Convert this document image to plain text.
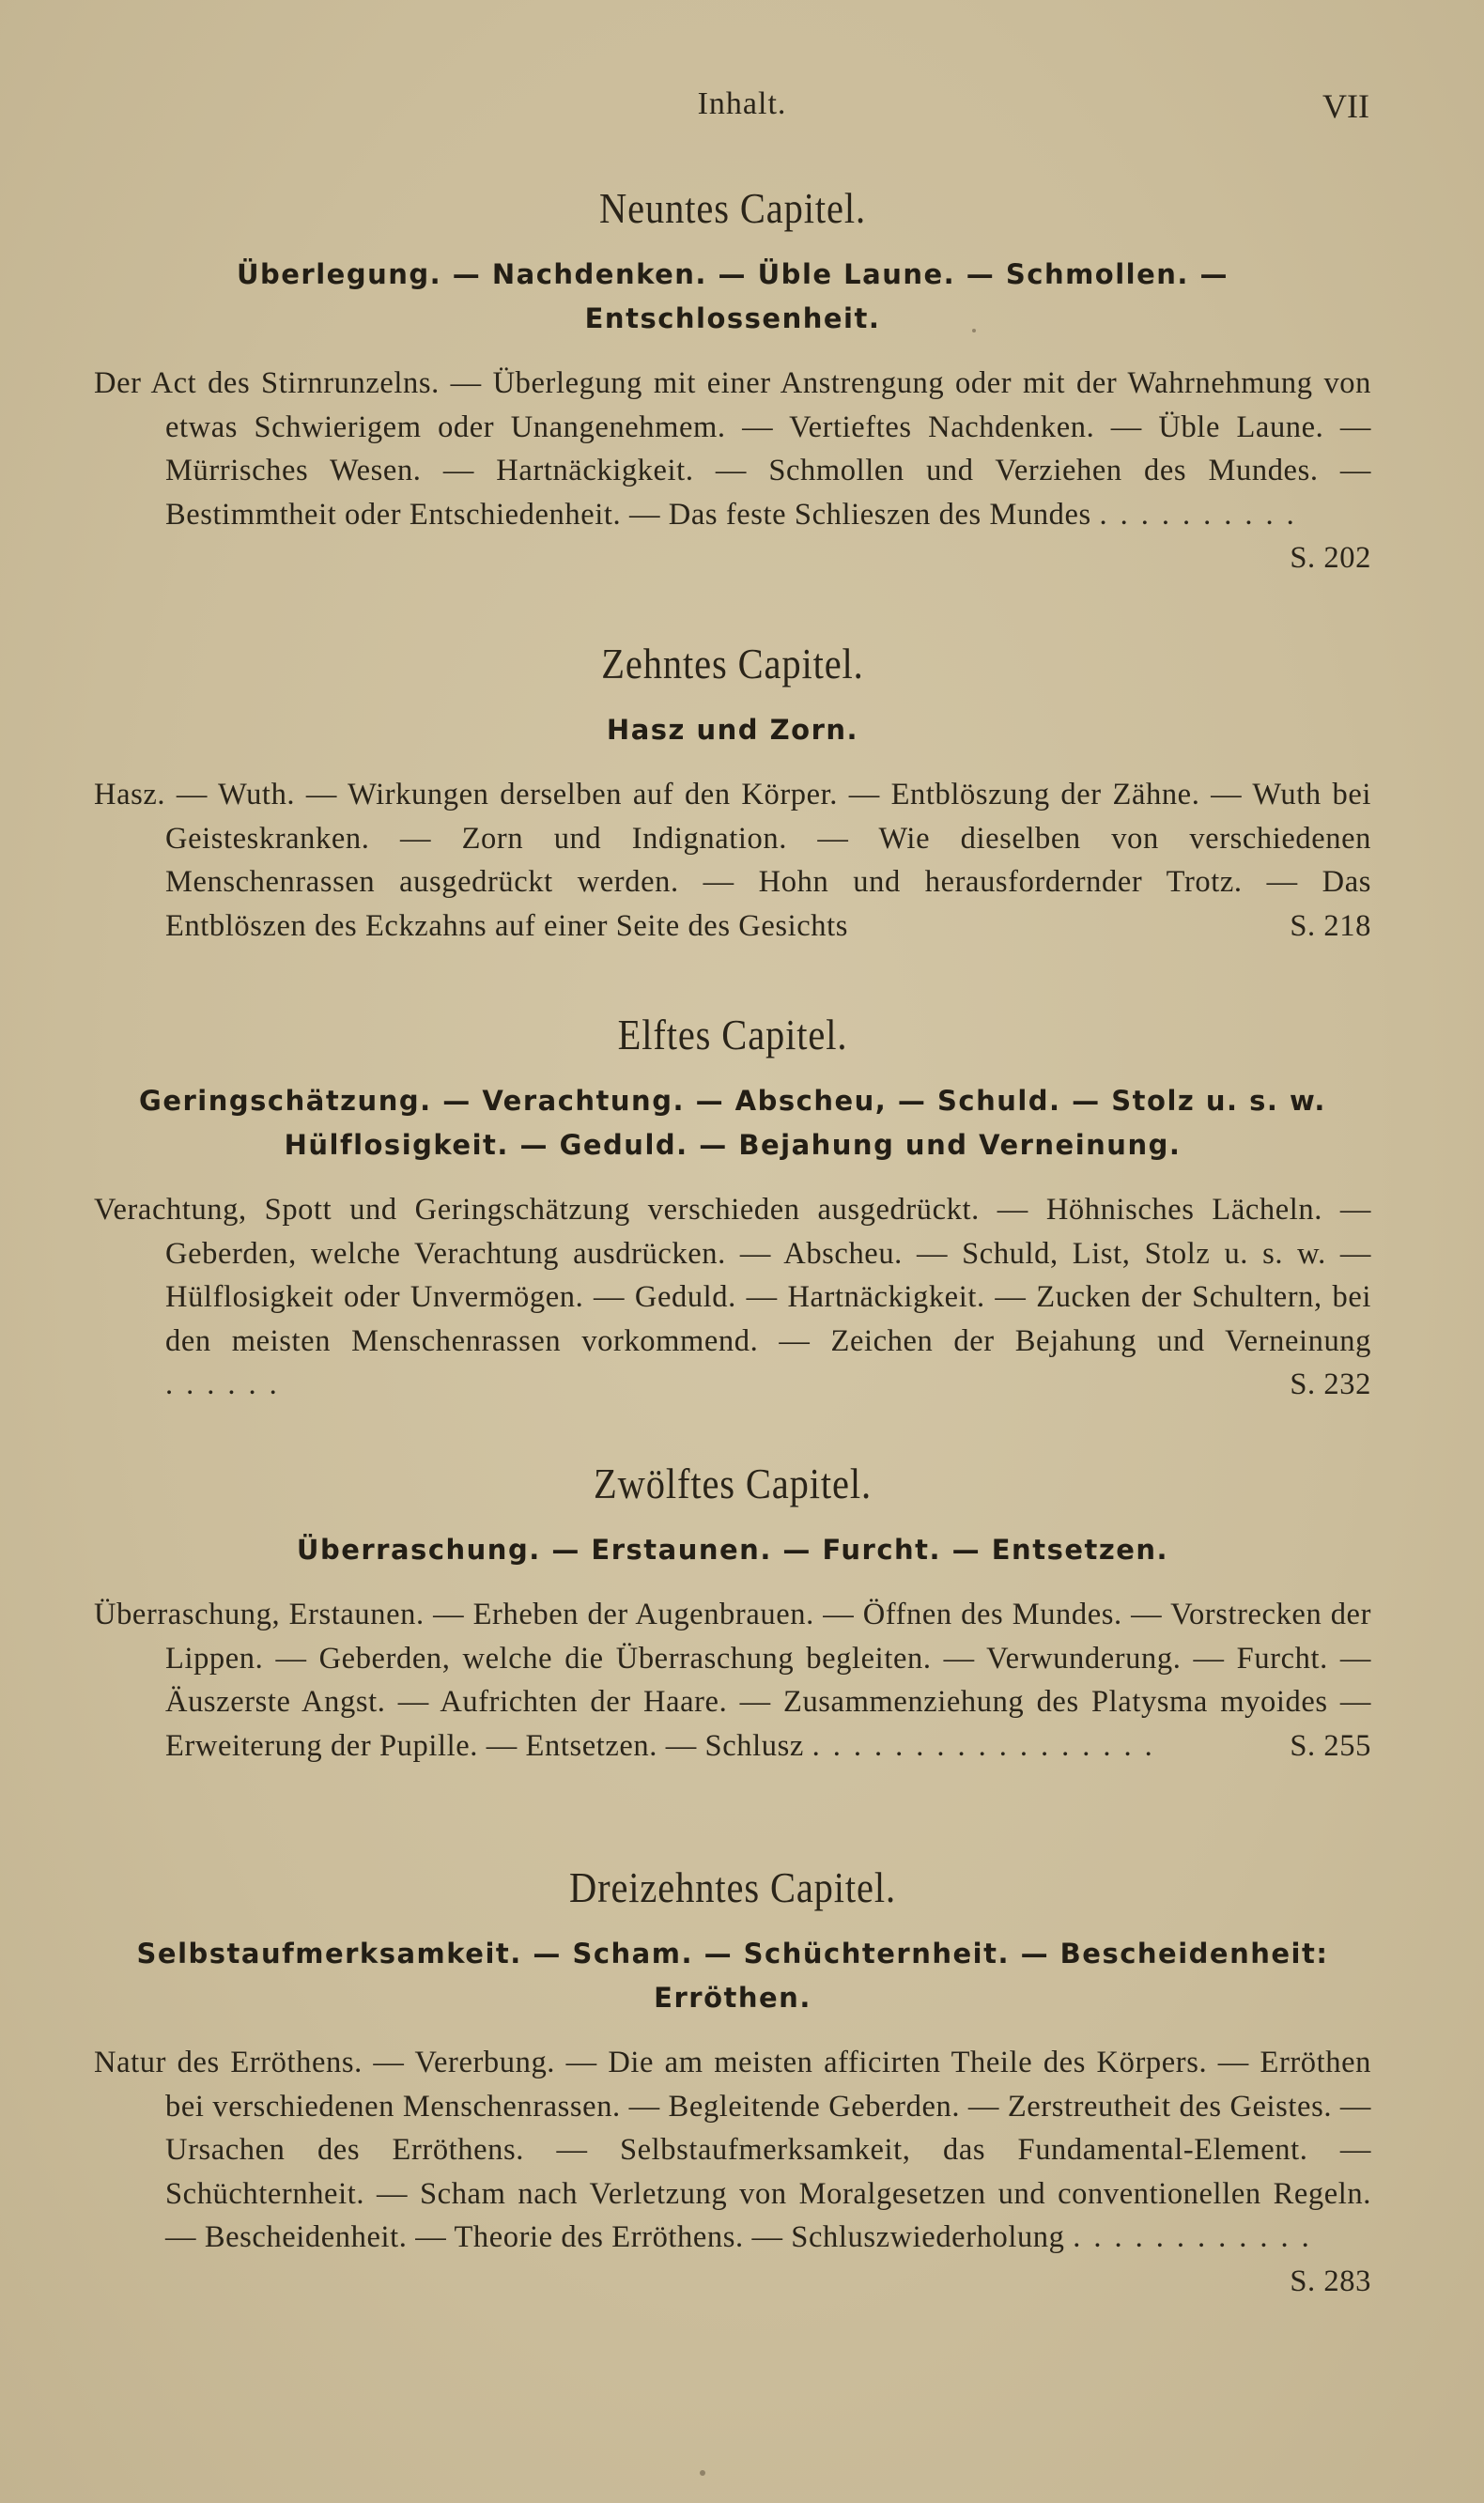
Inhalt.	VII
Neuntes Capitel.
Überlegung. — Nachdenken. — Üble Laune. — Schmollen. — Entschlossenheit.

Der Act des Stirnrunzelns. — Überlegung mit einer Anstrengung oder mit der Wahrnehmung von etwas Schwierigem oder Unangenehmem. — Vertieftes Nachdenken. — Üble Laune. — Mürrisches Wesen. — Hartnäckigkeit. — Schmollen und Verziehen des Mundes. — Bestimmtheit oder Entschiedenheit. — Das feste Schlieszen des Mundes ..........
S. 202

Zehntes Capitel.
Hasz und Zorn.

Hasz. — Wuth. — Wirkungen derselben auf den Körper. — Entblöszung der Zähne. — Wuth bei Geisteskranken. — Zorn und Indignation. — Wie dieselben von verschiedenen Menschenrassen ausgedrückt werden. — Hohn und herausfordernder Trotz. — Das Entblöszen des Eckzahns auf einer Seite des Gesichts	S. 218

Elftes Capitel.
Geringschätzung. — Verachtung. — Abscheu, — Schuld. — Stolz u. s. w. Hülflosigkeit. — Geduld. — Bejahung und Verneinung.

Verachtung, Spott und Geringschätzung verschieden ausgedrückt. — Höhnisches Lächeln. — Geberden, welche Verachtung ausdrücken. — Abscheu. — Schuld, List, Stolz u. s. w. — Hülflosigkeit oder Unvermögen. — Geduld. — Hartnäckigkeit. — Zucken der Schultern, bei den meisten Menschenrassen vorkommend. — Zeichen der Bejahung und Verneinung ......	S. 232

Zwölftes Capitel.
Überraschung. — Erstaunen. — Furcht. — Entsetzen.

Überraschung, Erstaunen. — Erheben der Augenbrauen. — Öffnen des Mundes. — Vorstrecken der Lippen. — Geberden, welche die Überraschung begleiten. — Verwunderung. — Furcht. — Äuszerste Angst. — Aufrichten der Haare. — Zusammenziehung des Platysma myoides — Erweiterung der Pupille. — Entsetzen. — Schlusz .................	S. 255

Dreizehntes Capitel.
Selbstaufmerksamkeit. — Scham. — Schüchternheit. — Bescheidenheit: Erröthen.

Natur des Erröthens. — Vererbung. — Die am meisten afficirten Theile des Körpers. — Erröthen bei verschiedenen Menschenrassen. — Begleitende Geberden. — Zerstreutheit des Geistes. — Ursachen des Erröthens. — Selbstaufmerksamkeit, das Fundamental-Element. — Schüchternheit. — Scham nach Verletzung von Moralgesetzen und conventionellen Regeln. — Bescheidenheit. — Theorie des Erröthens. — Schluszwiederholung ............
S. 283
